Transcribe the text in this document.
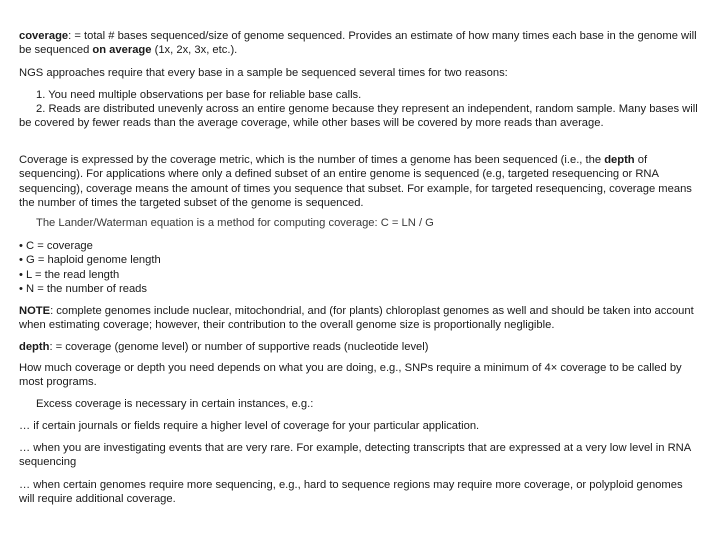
coverage: = total # bases sequenced/size of genome sequenced. Provides an estimate of how many times each base in the genome will be sequenced on average (1x, 2x, 3x, etc.).

NGS approaches require that every base in a sample be sequenced several times for two reasons:

1. You need multiple observations per base for reliable base calls.

2. Reads are distributed unevenly across an entire genome because they represent an independent, random sample. Many bases will be covered by fewer reads than the average coverage, while other bases will be covered by more reads than average.

Coverage is expressed by the coverage metric, which is the number of times a genome has been sequenced (i.e., the depth of sequencing). For applications where only a defined subset of an entire genome is sequenced (e.g, targeted resequencing or RNA sequencing), coverage means the amount of times you sequence that subset. For example, for targeted resequencing, coverage means the number of times the targeted subset of the genome is sequenced.

The Lander/Waterman equation is a method for computing coverage: C = LN / G

• C = coverage
• G = haploid genome length
• L = the read length
• N = the number of reads

NOTE: complete genomes include nuclear, mitochondrial, and (for plants) chloroplast genomes as well and should be taken into account when estimating coverage; however, their contribution to the overall genome size is proportionally negligible.

depth: = coverage (genome level) or number of supportive reads (nucleotide level)

How much coverage or depth you need depends on what you are doing, e.g., SNPs require a minimum of 4× coverage to be called by most programs.

Excess coverage is necessary in certain instances, e.g.:

… if certain journals or fields require a higher level of coverage for your particular application.

… when you are investigating events that are very rare. For example, detecting transcripts that are expressed at a very low level in RNA sequencing

… when certain genomes require more sequencing, e.g., hard to sequence regions may require more coverage, or polyploid genomes will require additional coverage.
